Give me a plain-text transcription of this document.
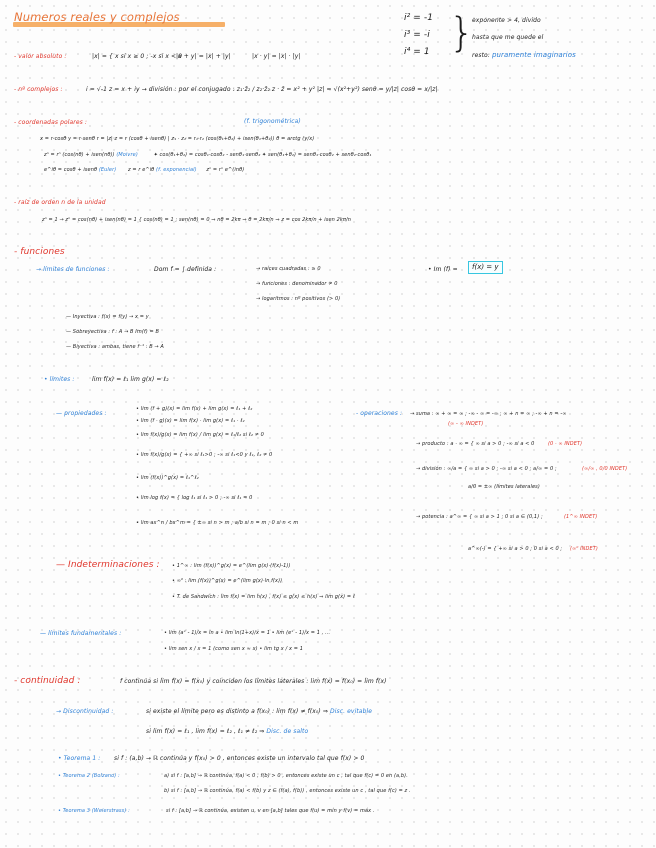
Numeros reales y complejos	i² = -1
i³ = -i
i⁴ = 1 }
exponente > 4, divido
hasta que me quede el
resto: puramente imaginarios
- valor absoluto :	|x| = { x si x ≥ 0 ; -x si x < 0
|x + y| = |x| + |y|	|x · y| = |x| · |y|
- nº complejos :	i = √-1 z = x + iy → división : por el conjugado : z₁·z̄₂ / z₂·z̄₂ z · z̄ = x² + y² |z| = √(x²+y²) senθ = y/|z| cosθ = x/|z|
- coordenadas polares :	(f. trigonométrica)
x = r·cosθ y = r·senθ r = |z| z = r (cosθ + isenθ) | z₁ · z₂ = r₁·r₂ (cos(θ₁+θ₂) + isen(θ₁+θ₂)) θ = arctg (y/x)
zⁿ = rⁿ (cos(nθ) + isen(nθ)) (Moivre)	✦ cos(θ₁+θ₂) = cosθ₁·cosθ₂ - senθ₁·senθ₂ ✦ sen(θ₁+θ₂) = senθ₁·cosθ₂ + senθ₂·cosθ₁
e^iθ = cosθ + isenθ (Euler) z = r e^iθ (f. exponencial) zⁿ = rⁿ e^(inθ)
- raíz de orden n de la unidad
zⁿ = 1 → zⁿ = cos(nθ) + isen(nθ) = 1 { cos(nθ) = 1 ; sen(nθ) = 0 ⇒ nθ = 2kπ ⇒ θ = 2kπ/n ⇒ z = cos 2kπ/n + isen 2kπ/n
- funciones
→ límites de funciones :	Dom f = ∫ definida :	→ raíces cuadradas : ≥ 0
→ funciones : denominador ≠ 0
→ logaritmos : nº positivos (> 0)
• Im (f) =	f(x) = y
— Inyectiva : f(x) = f(y) → x = y
— Sobreyectiva : f : A → B Im(f) = B
— Biyectiva : ambas, tiene f⁻¹ : B → A
• límites :	lim f(x) = ℓ₁ lim g(x) = ℓ₂
— propiedades :
• lim (f + g)(x) = lim f(x) + lim g(x) = ℓ₁ + ℓ₂
• lim (f · g)(x) = lim f(x) · lim g(x) = ℓ₁ · ℓ₂
• lim f(x)/g(x) = lim f(x) / lim g(x) = ℓ₁/ℓ₂ si ℓ₂ ≠ 0
• lim f(x)/g(x) = { +∞ si ℓ₁>0 ; -∞ si ℓ₁<0 y ℓ₁, ℓ₂ ≠ 0
• lim (f(x))^g(x) = ℓ₁^ℓ₂
• lim log f(x) = { log ℓ₁ si ℓ₁ > 0 ; -∞ si ℓ₁ = 0
• lim ax^n / bx^m = { ±∞ si n > m ; a/b si n = m ; 0 si n < m
- operaciones : → suma : ∞ + ∞ = ∞ ; -∞ - ∞ = -∞ ; ∞ + n = ∞ ; -∞ + n = -∞
(∞ - ∞ INDET)
→ producto : a · ∞ = { ∞ si a > 0 ; -∞ si a < 0	(0 · ∞ INDET)
→ división : ∞/a = { ∞ si a > 0 ; -∞ si a < 0 ; a/∞ = 0 ;	(∞/∞ , 0/0 INDET)
a/0 = ±∞ (límites laterales)
→ potencia : a^∞ = { ∞ si a > 1 ; 0 si a ∈ (0,1) ;	(1^∞ INDET)
a^∞(-) = { +∞ si a > 0 ; 0 si a < 0 ; (∞⁰ INDET)
— Indeterminaciones : • 1^∞ : lim (f(x))^g(x) = e^(lim g(x)·(f(x)-1))
• ∞⁰ : lim (f(x))^g(x) = e^(lim g(x)·ln f(x))
• T. de Sandwich : lim f(x) = lim h(x) , f(x) ≤ g(x) ≤ h(x) ⇒ lim g(x) = ℓ
— límites fundamentales :	• lim (aˣ - 1)/x = ln a • lim ln(1+x)/x = 1 • lim (eˣ - 1)/x = 1 , …
• lim sen x / x = 1 (como sen x ≈ x) • lim tg x / x = 1
- continuidad :	f continúa si lim f(x) = f(x₀) y coinciden los límites laterales : lim f(x) = f(x₀) = lim f(x)
→ Discontinuidad :	si existe el límite pero es distinto a f(x₀) : lim f(x) ≠ f(x₀) ⇒ Disc. evitable
si lim f(x) = ℓ₁ , lim f(x) = ℓ₂ , ℓ₁ ≠ ℓ₂ ⇒ Disc. de salto
• Teorema 1 : si f : (a,b) → ℝ continúa y f(x₀) > 0 , entonces existe un intervalo tal que f(x) > 0
• Teorema 2 (Bolzano) :	a) si f : [a,b] → ℝ continúa, f(a) < 0 , f(b) > 0 , entonces existe un c , tal que f(c) = 0 en (a,b).
b) si f : [a,b] → ℝ continúa, f(a) < f(b) y z ∈ (f(a), f(b)) , entonces existe un c , tal que f(c) = z .
• Teorema 3 (Weierstrass) :	si f : [a,b] → ℝ continúa, existen u, v en [a,b] tales que f(u) = mín y f(v) = máx .
